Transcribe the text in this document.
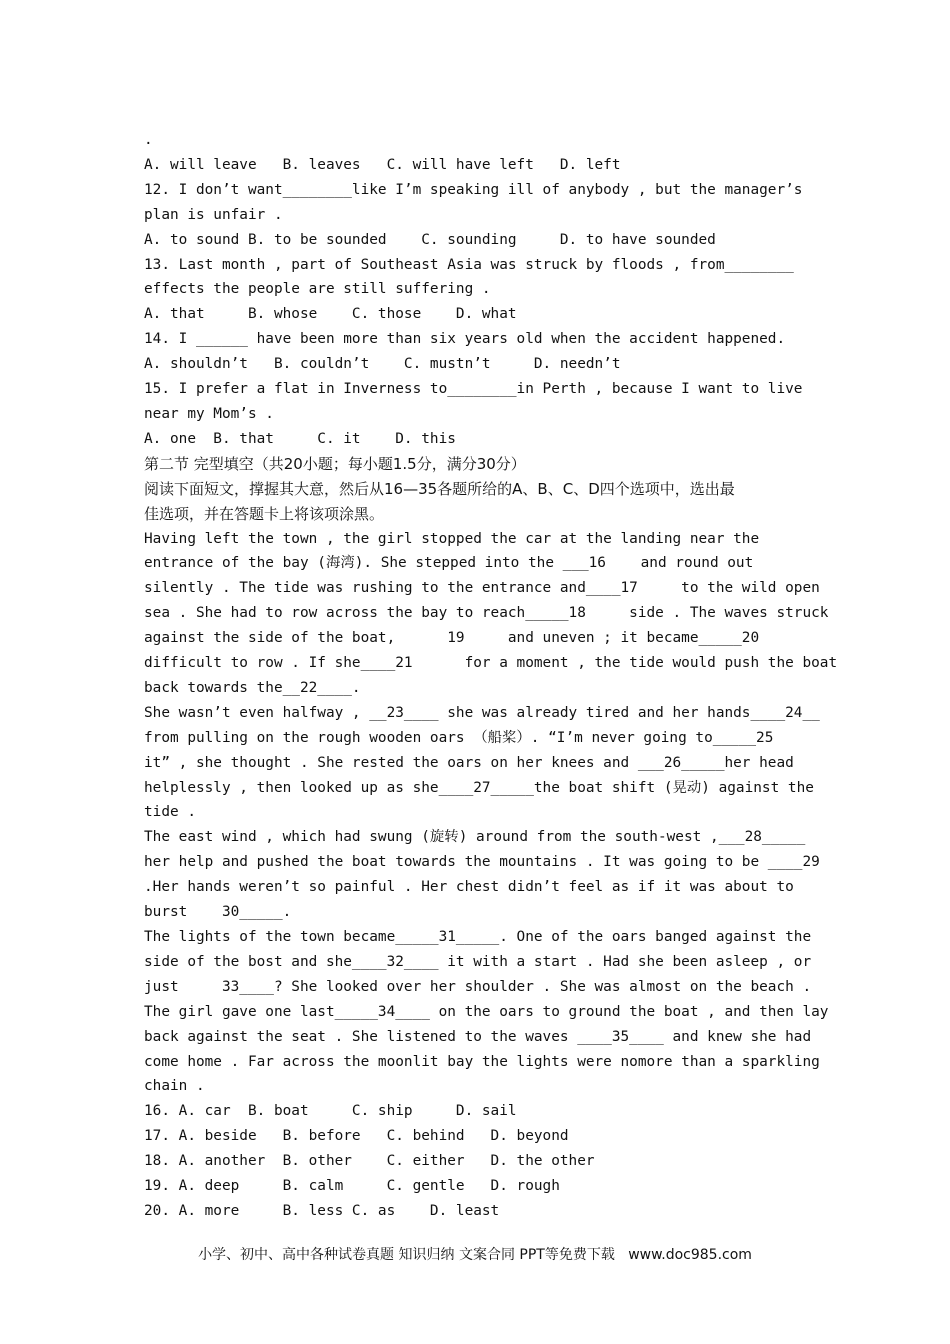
.
A. will leave   B. leaves   C. will have left   D. left
12. I don’t want________like I’m speaking ill of anybody , but the manager’s
plan is unfair .
A. to sound B. to be sounded    C. sounding     D. to have sounded
13. Last month , part of Southeast Asia was struck by floods , from________
effects the people are still suffering .
A. that     B. whose    C. those    D. what
14. I ______ have been more than six years old when the accident happened.
A. shouldn’t   B. couldn’t    C. mustn’t     D. needn’t
15. I prefer a flat in Inverness to________in Perth , because I want to live
near my Mom’s .
A. one  B. that     C. it    D. this
第二节 完型填空（共20小题；每小题1.5分，满分30分）
阅读下面短文，撑握其大意，然后从16—35各题所给的A、B、C、D四个选项中，选出最
佳选项，并在答题卡上将该项涂黑。
Having left the town , the girl stopped the car at the landing near the
entrance of the bay (海湾). She stepped into the ___16    and round out
silently . The tide was rushing to the entrance and____17     to the wild open
sea . She had to row across the bay to reach_____18     side . The waves struck
against the side of the boat,      19     and uneven ; it became_____20
difficult to row . If she____21      for a moment , the tide would push the boat
back towards the__22____.
She wasn’t even halfway , __23____ she was already tired and her hands____24__
from pulling on the rough wooden oars （船桨）. “I’m never going to_____25
it” , she thought . She rested the oars on her knees and ___26_____her head
helplessly , then looked up as she____27_____the boat shift (晃动) against the
tide .
The east wind , which had swung (旋转) around from the south-west ,___28_____
her help and pushed the boat towards the mountains . It was going to be ____29
.Her hands weren’t so painful . Her chest didn’t feel as if it was about to
burst    30_____.
The lights of the town became_____31_____. One of the oars banged against the
side of the bost and she____32____ it with a start . Had she been asleep , or
just     33____? She looked over her shoulder . She was almost on the beach .
The girl gave one last_____34____ on the oars to ground the boat , and then lay
back against the seat . She listened to the waves ____35____ and knew she had
come home . Far across the moonlit bay the lights were nomore than a sparkling
chain .
16. A. car  B. boat     C. ship     D. sail
17. A. beside   B. before   C. behind   D. beyond
18. A. another  B. other    C. either   D. the other
19. A. deep     B. calm     C. gentle   D. rough
20. A. more     B. less C. as    D. least
小学、初中、高中各种试卷真题 知识归纳 文案合同 PPT等免费下载   www.doc985.com
